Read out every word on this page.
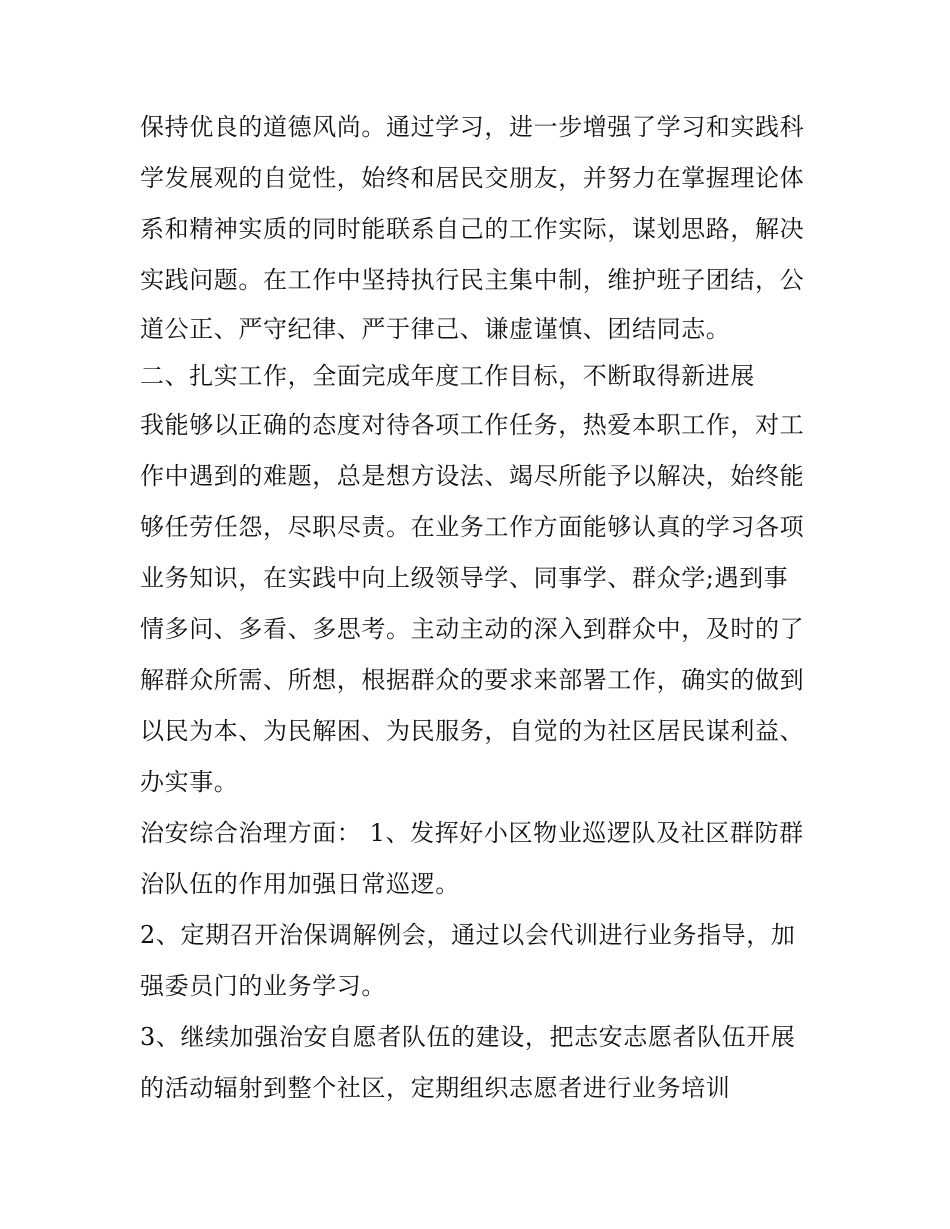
保持优良的道德风尚。通过学习，进一步增强了学习和实践科
学发展观的自觉性，始终和居民交朋友，并努力在掌握理论体
系和精神实质的同时能联系自己的工作实际，谋划思路，解决
实践问题。在工作中坚持执行民主集中制，维护班子团结，公
道公正、严守纪律、严于律己、谦虚谨慎、团结同志。
二、扎实工作，全面完成年度工作目标，不断取得新进展
我能够以正确的态度对待各项工作任务，热爱本职工作，对工
作中遇到的难题，总是想方设法、竭尽所能予以解决，始终能
够任劳任怨，尽职尽责。在业务工作方面能够认真的学习各项
业务知识，在实践中向上级领导学、同事学、群众学;遇到事
情多问、多看、多思考。主动主动的深入到群众中，及时的了
解群众所需、所想，根据群众的要求来部署工作，确实的做到
以民为本、为民解困、为民服务，自觉的为社区居民谋利益、
办实事。
治安综合治理方面： 1、发挥好小区物业巡逻队及社区群防群
治队伍的作用加强日常巡逻。
2、定期召开治保调解例会，通过以会代训进行业务指导，加
强委员门的业务学习。
3、继续加强治安自愿者队伍的建设，把志安志愿者队伍开展
的活动辐射到整个社区，定期组织志愿者进行业务培训
